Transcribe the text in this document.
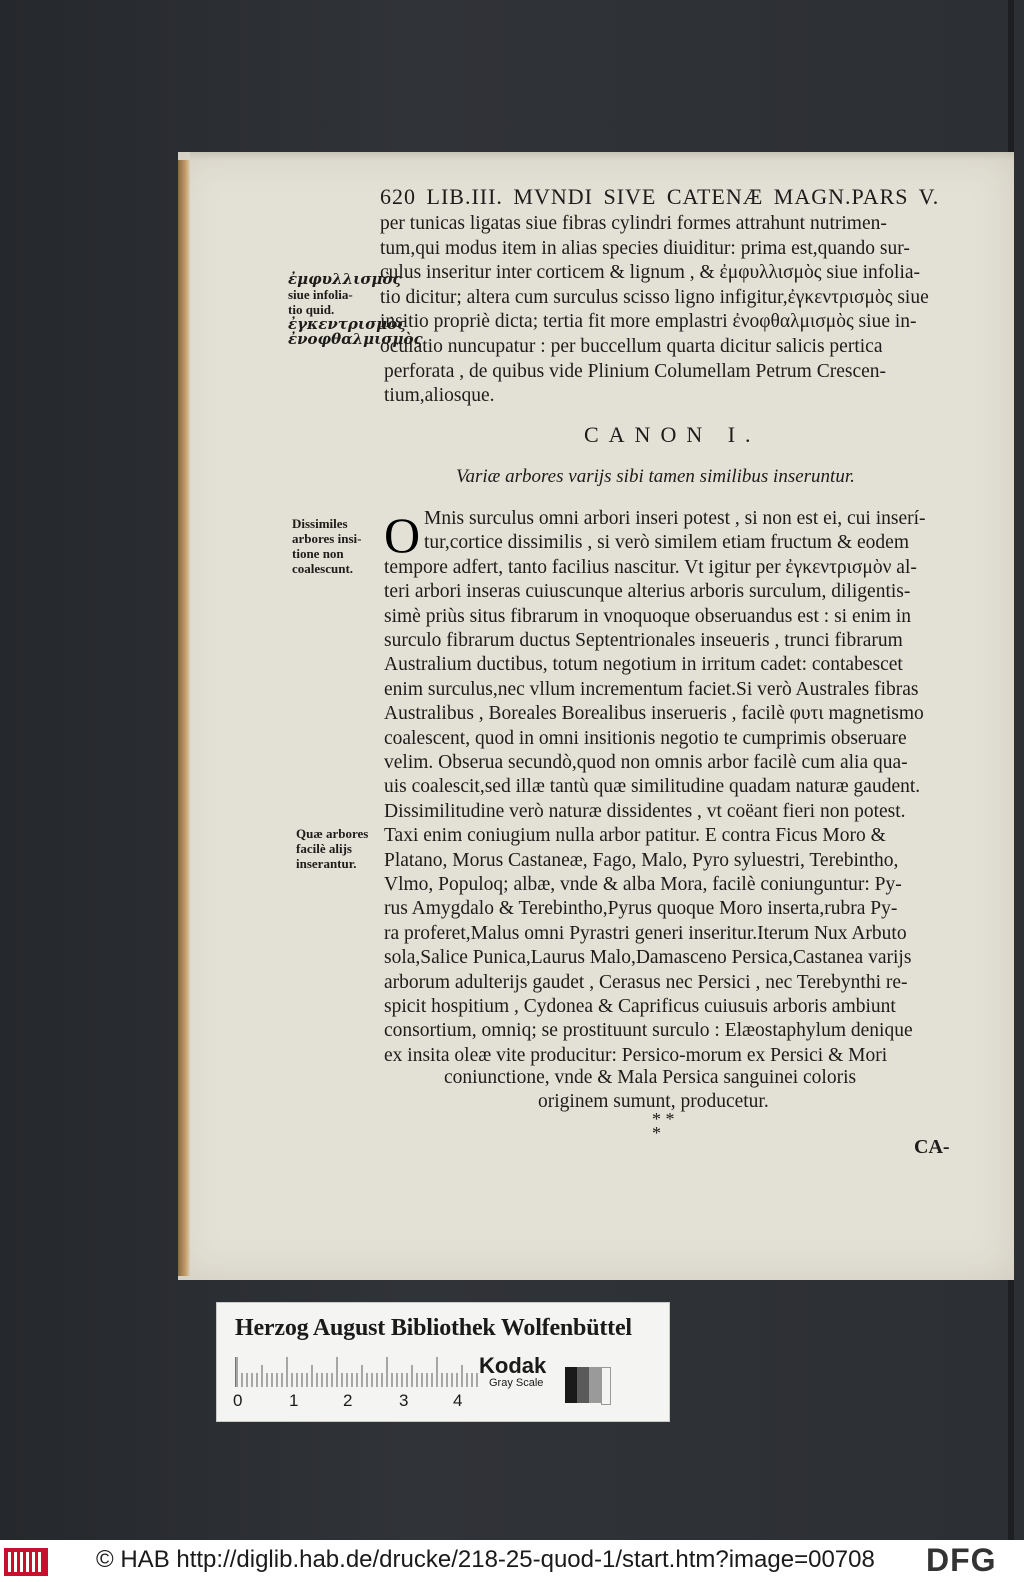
620 LIB.III. MVNDI SIVE CATENÆ MAGN.PARS V.
per tunicas ligatas siue fibras cylindri formes attrahunt nutrimen-
tum,qui modus item in alias species diuiditur: prima est,quando sur-
culus inseritur inter corticem & lignum , & ἐμφυλλισμὸς siue infolia-
tio dicitur; altera cum surculus scisso ligno infigitur,ἐγκεντρισμὸς siue
insitio propriè dicta; tertia fit more emplastri ἐνοφθαλμισμὸς siue in-
oculatio nuncupatur : per buccellum quarta dicitur salicis pertica
perforata , de quibus vide Plinium Columellam Petrum Crescen-
tium,aliosque.
ἐμφυλλισμὸς
siue infolia-
tio quid.
ἐγκεντρισμὸς
ἐνοφθαλμισμὸς
CANON I.
Variæ arbores varijs sibi tamen similibus inseruntur.
Dissimiles
arbores insi-
tione non
coalescunt.
O Mnis surculus omni arbori inseri potest , si non est ei, cui inserí-
tur,cortice dissimilis , si verò similem etiam fructum & eodem
tempore adfert, tanto facilius nascitur. Vt igitur per ἐγκεντρισμὸν al-
teri arbori inseras cuiuscunque alterius arboris surculum, diligentis-
simè priùs situs fibrarum in vnoquoque obseruandus est : si enim in
surculo fibrarum ductus Septentrionales inseueris , trunci fibrarum
Australium ductibus, totum negotium in irritum cadet: contabescet
enim surculus,nec vllum incrementum faciet.Si verò Australes fibras
Australibus , Boreales Borealibus inserueris , facilè φυτι magnetismo
coalescent, quod in omni insitionis negotio te cumprimis obseruare
velim. Obserua secundò,quod non omnis arbor facilè cum alia qua-
uis coalescit,sed illæ tantù quæ similitudine quadam naturæ gaudent.
Dissimilitudine verò naturæ dissidentes , vt coëant fieri non potest.
Taxi enim coniugium nulla arbor patitur. E contra Ficus Moro &
Platano, Morus Castaneæ, Fago, Malo, Pyro syluestri, Terebintho,
Vlmo, Populoq; albæ, vnde & alba Mora, facilè coniunguntur: Py-
rus Amygdalo & Terebintho,Pyrus quoque Moro inserta,rubra Py-
ra proferet,Malus omni Pyrastri generi inseritur.Iterum Nux Arbuto
sola,Salice Punica,Laurus Malo,Damasceno Persica,Castanea varijs
arborum adulterijs gaudet , Cerasus nec Persici , nec Terebynthi re-
spicit hospitium , Cydonea & Caprificus cuiusuis arboris ambiunt
consortium, omniq; se prostituunt surculo : Elæostaphylum denique
ex insita oleæ vite producitur: Persico-morum ex Persici & Mori
Quæ arbores
facilè alijs
inserantur.
coniunctione, vnde & Mala Persica sanguinei coloris
originem sumunt, producetur.
* *
*
CA-
Herzog August Bibliothek Wolfenbüttel
0	1	2	3	4
Kodak
Gray Scale
© HAB http://diglib.hab.de/drucke/218-25-quod-1/start.htm?image=00708 DFG
